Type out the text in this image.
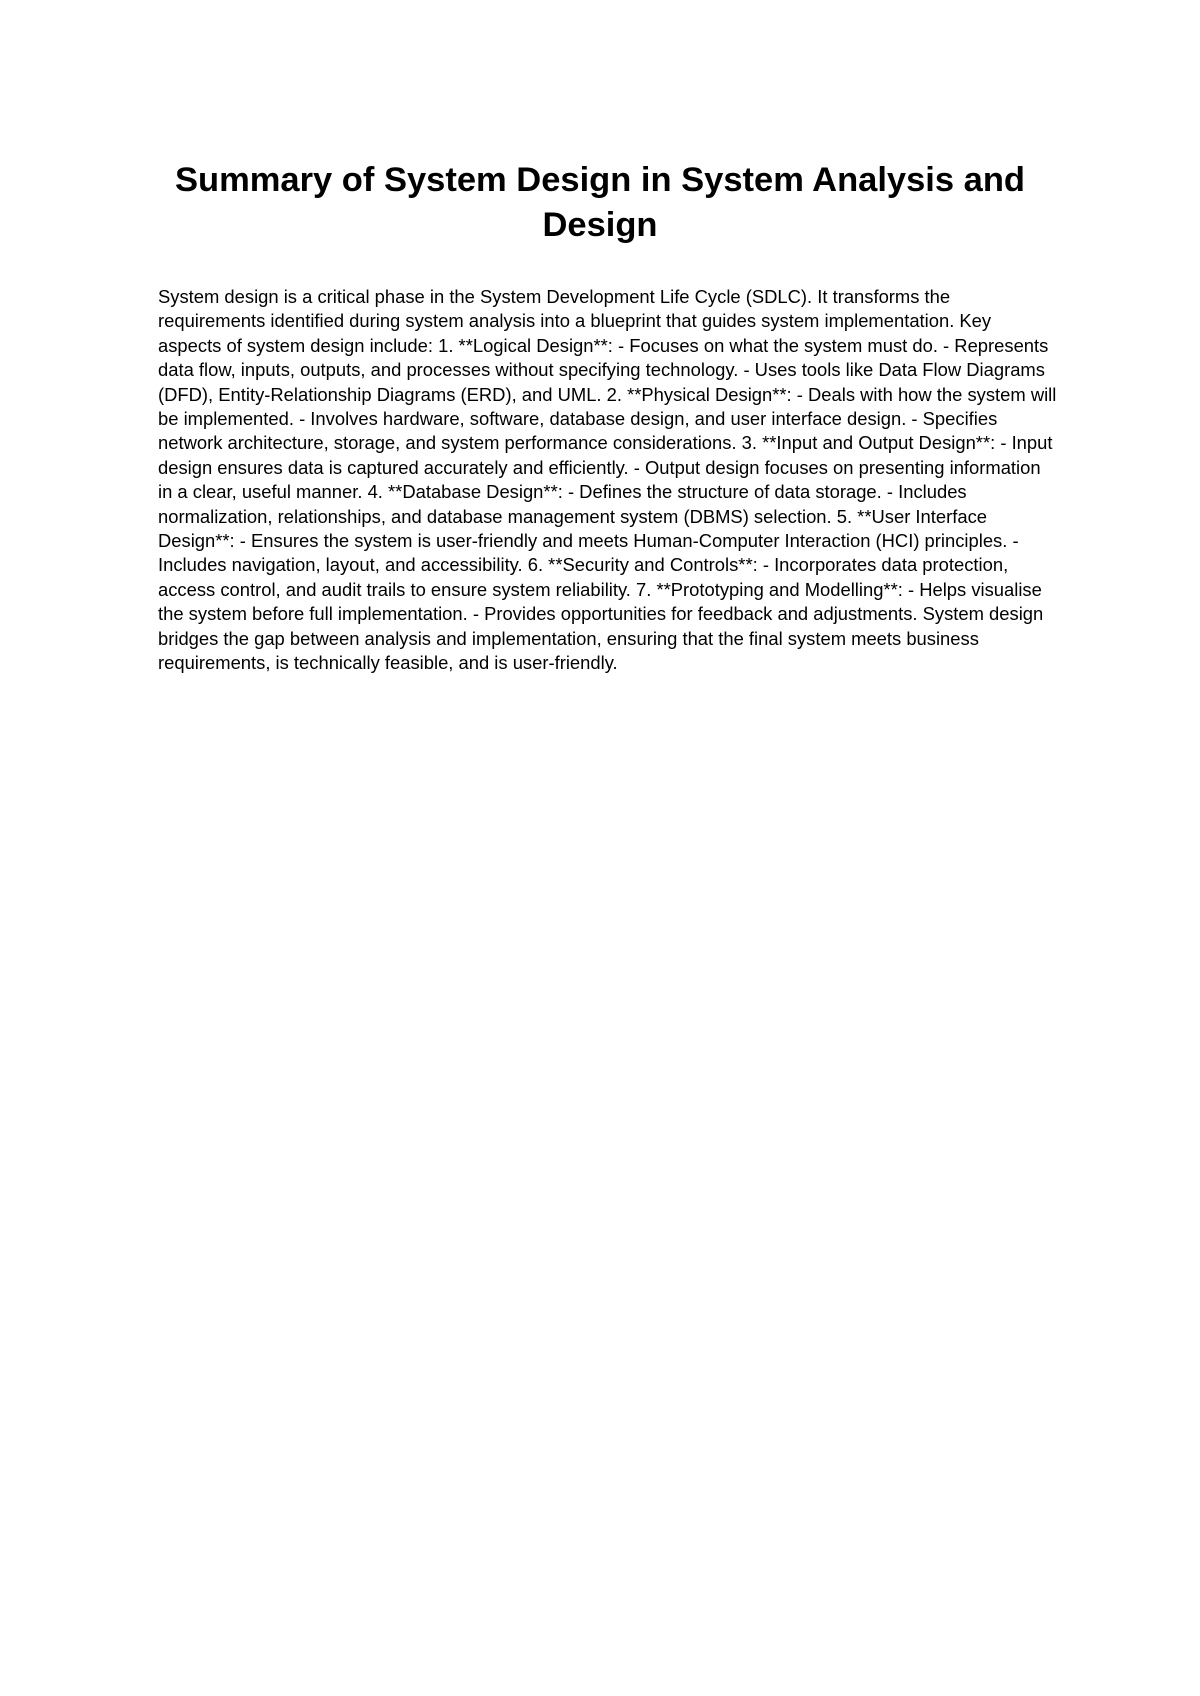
Summary of System Design in System Analysis and Design

System design is a critical phase in the System Development Life Cycle (SDLC). It transforms the requirements identified during system analysis into a blueprint that guides system implementation. Key aspects of system design include: 1. **Logical Design**: - Focuses on what the system must do. - Represents data flow, inputs, outputs, and processes without specifying technology. - Uses tools like Data Flow Diagrams (DFD), Entity-Relationship Diagrams (ERD), and UML. 2. **Physical Design**: - Deals with how the system will be implemented. - Involves hardware, software, database design, and user interface design. - Specifies network architecture, storage, and system performance considerations. 3. **Input and Output Design**: - Input design ensures data is captured accurately and efficiently. - Output design focuses on presenting information in a clear, useful manner. 4. **Database Design**: - Defines the structure of data storage. - Includes normalization, relationships, and database management system (DBMS) selection. 5. **User Interface Design**: - Ensures the system is user-friendly and meets Human-Computer Interaction (HCI) principles. - Includes navigation, layout, and accessibility. 6. **Security and Controls**: - Incorporates data protection, access control, and audit trails to ensure system reliability. 7. **Prototyping and Modelling**: - Helps visualise the system before full implementation. - Provides opportunities for feedback and adjustments. System design bridges the gap between analysis and implementation, ensuring that the final system meets business requirements, is technically feasible, and is user-friendly.
